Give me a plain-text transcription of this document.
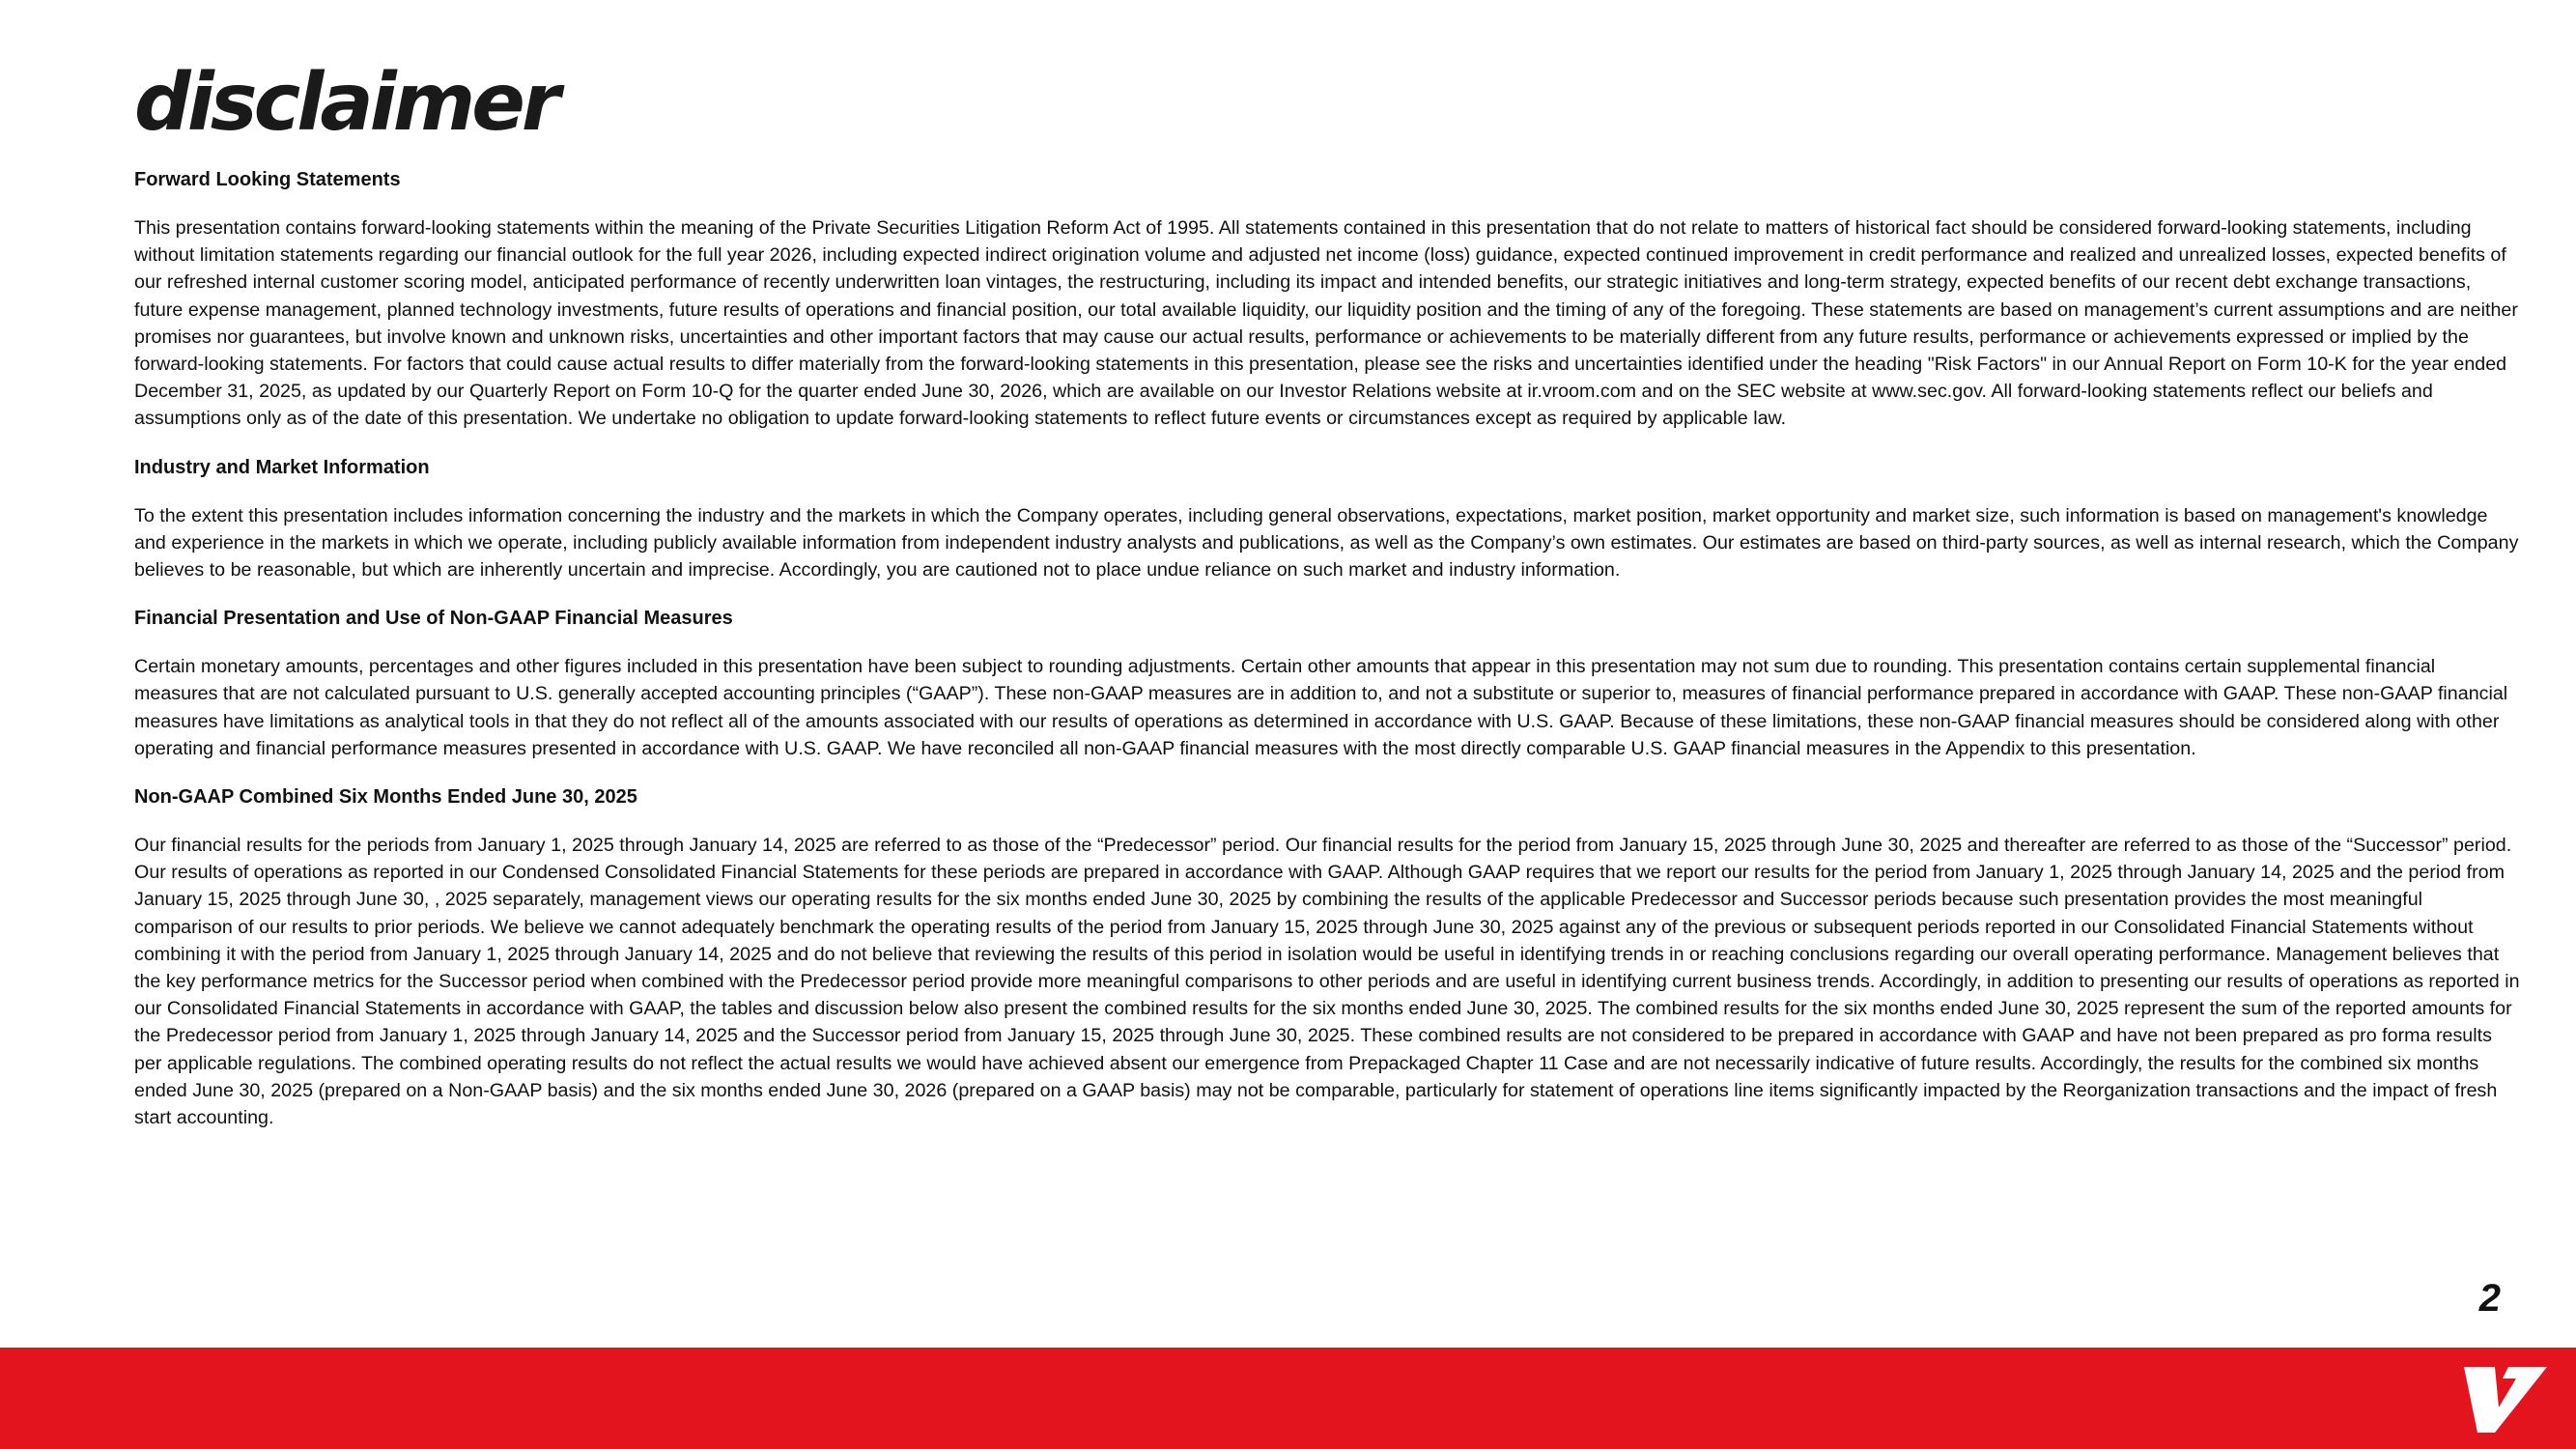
disclaimer

Forward Looking Statements

This presentation contains forward-looking statements within the meaning of the Private Securities Litigation Reform Act of 1995. All statements contained in this presentation that do not relate to matters of historical fact should be considered forward-looking statements, including without limitation statements regarding our financial outlook for the full year 2026, including expected indirect origination volume and adjusted net income (loss) guidance, expected continued improvement in credit performance and realized and unrealized losses, expected benefits of our refreshed internal customer scoring model, anticipated performance of recently underwritten loan vintages, the restructuring, including its impact and intended benefits, our strategic initiatives and long-term strategy, expected benefits of our recent debt exchange transactions, future expense management, planned technology investments, future results of operations and financial position, our total available liquidity, our liquidity position and the timing of any of the foregoing. These statements are based on management’s current assumptions and are neither promises nor guarantees, but involve known and unknown risks, uncertainties and other important factors that may cause our actual results, performance or achievements to be materially different from any future results, performance or achievements expressed or implied by the forward-looking statements. For factors that could cause actual results to differ materially from the forward-looking statements in this presentation, please see the risks and uncertainties identified under the heading "Risk Factors" in our Annual Report on Form 10-K for the year ended December 31, 2025, as updated by our Quarterly Report on Form 10-Q for the quarter ended June 30, 2026, which are available on our Investor Relations website at ir.vroom.com and on the SEC website at www.sec.gov. All forward-looking statements reflect our beliefs and assumptions only as of the date of this presentation. We undertake no obligation to update forward-looking statements to reflect future events or circumstances except as required by applicable law.

Industry and Market Information

To the extent this presentation includes information concerning the industry and the markets in which the Company operates, including general observations, expectations, market position, market opportunity and market size, such information is based on management's knowledge and experience in the markets in which we operate, including publicly available information from independent industry analysts and publications, as well as the Company’s own estimates. Our estimates are based on third-party sources, as well as internal research, which the Company believes to be reasonable, but which are inherently uncertain and imprecise. Accordingly, you are cautioned not to place undue reliance on such market and industry information.

Financial Presentation and Use of Non-GAAP Financial Measures

Certain monetary amounts, percentages and other figures included in this presentation have been subject to rounding adjustments. Certain other amounts that appear in this presentation may not sum due to rounding. This presentation contains certain supplemental financial measures that are not calculated pursuant to U.S. generally accepted accounting principles (“GAAP”). These non-GAAP measures are in addition to, and not a substitute or superior to, measures of financial performance prepared in accordance with GAAP. These non-GAAP financial measures have limitations as analytical tools in that they do not reflect all of the amounts associated with our results of operations as determined in accordance with U.S. GAAP. Because of these limitations, these non-GAAP financial measures should be considered along with other operating and financial performance measures presented in accordance with U.S. GAAP. We have reconciled all non-GAAP financial measures with the most directly comparable U.S. GAAP financial measures in the Appendix to this presentation.

Non-GAAP Combined Six Months Ended June 30, 2025

Our financial results for the periods from January 1, 2025 through January 14, 2025 are referred to as those of the “Predecessor” period. Our financial results for the period from January 15, 2025 through June 30, 2025 and thereafter are referred to as those of the “Successor” period. Our results of operations as reported in our Condensed Consolidated Financial Statements for these periods are prepared in accordance with GAAP. Although GAAP requires that we report our results for the period from January 1, 2025 through January 14, 2025 and the period from January 15, 2025 through June 30, , 2025 separately, management views our operating results for the six months ended June 30, 2025 by combining the results of the applicable Predecessor and Successor periods because such presentation provides the most meaningful comparison of our results to prior periods. We believe we cannot adequately benchmark the operating results of the period from January 15, 2025 through June 30, 2025 against any of the previous or subsequent periods reported in our Consolidated Financial Statements without combining it with the period from January 1, 2025 through January 14, 2025 and do not believe that reviewing the results of this period in isolation would be useful in identifying trends in or reaching conclusions regarding our overall operating performance. Management believes that the key performance metrics for the Successor period when combined with the Predecessor period provide more meaningful comparisons to other periods and are useful in identifying current business trends. Accordingly, in addition to presenting our results of operations as reported in our Consolidated Financial Statements in accordance with GAAP, the tables and discussion below also present the combined results for the six months ended June 30, 2025. The combined results for the six months ended June 30, 2025 represent the sum of the reported amounts for the Predecessor period from January 1, 2025 through January 14, 2025 and the Successor period from January 15, 2025 through June 30, 2025. These combined results are not considered to be prepared in accordance with GAAP and have not been prepared as pro forma results per applicable regulations. The combined operating results do not reflect the actual results we would have achieved absent our emergence from Prepackaged Chapter 11 Case and are not necessarily indicative of future results. Accordingly, the results for the combined six months ended June 30, 2025 (prepared on a Non-GAAP basis) and the six months ended June 30, 2026 (prepared on a GAAP basis) may not be comparable, particularly for statement of operations line items significantly impacted by the Reorganization transactions and the impact of fresh start accounting.

2
